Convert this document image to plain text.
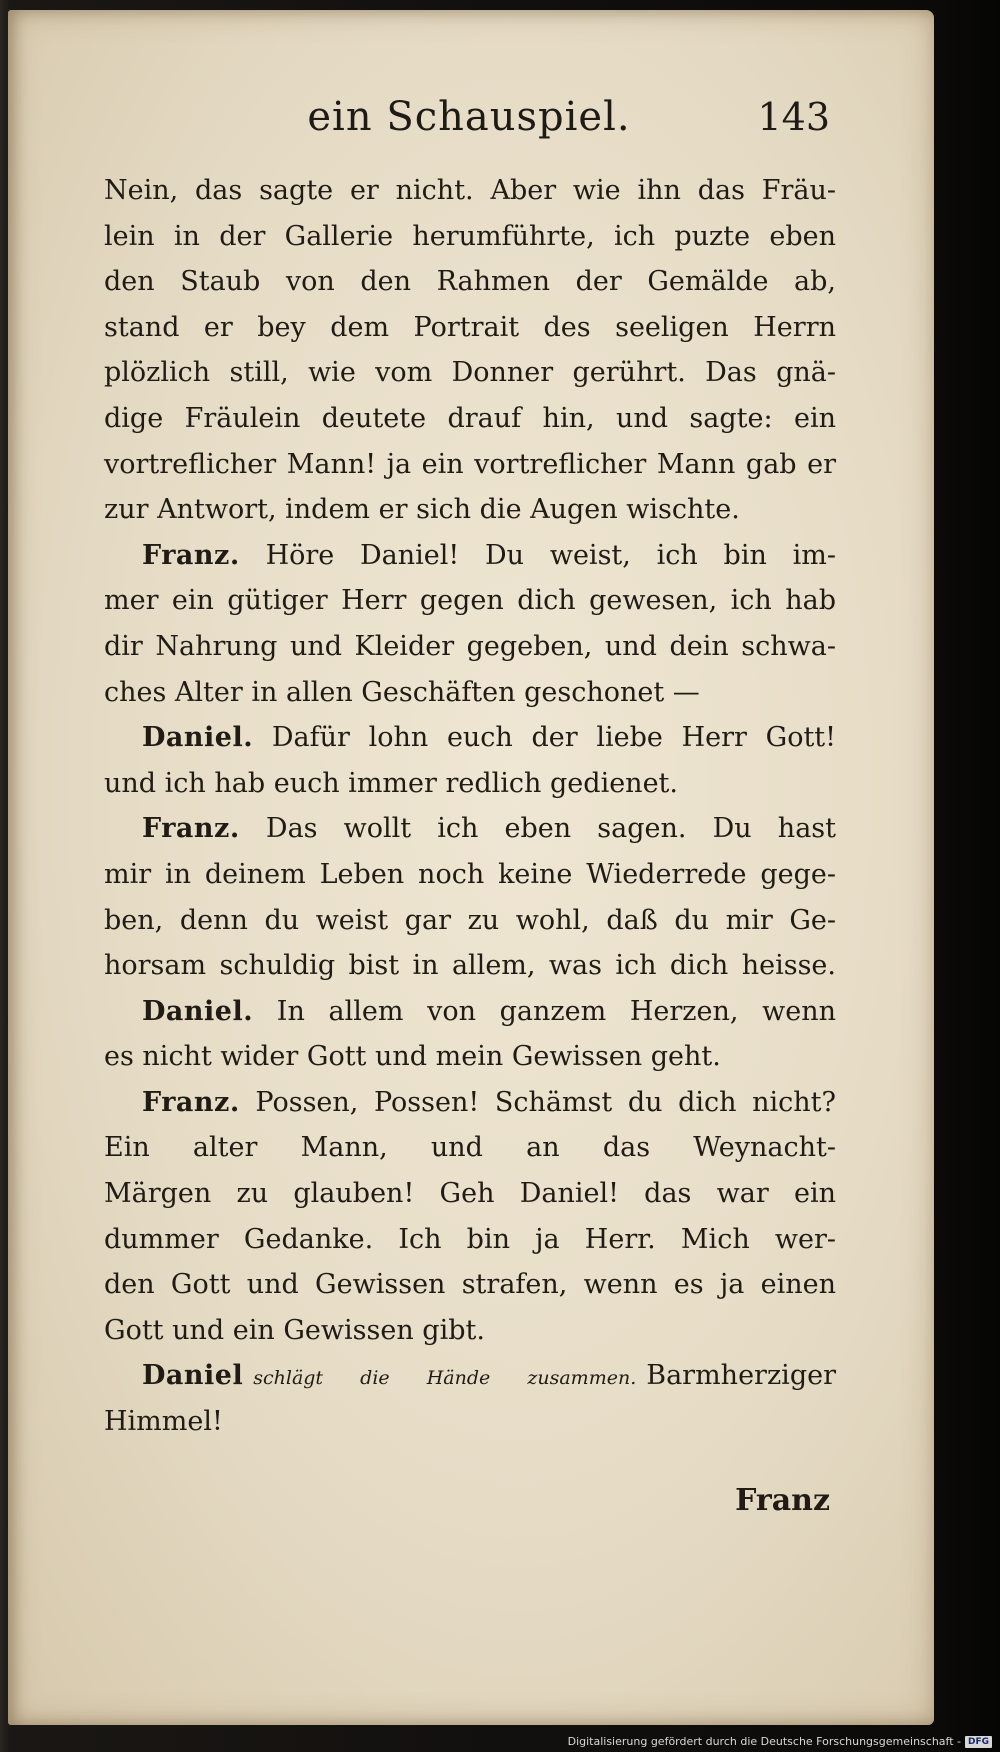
ein Schauspiel.	143
Nein, das sagte er nicht. Aber wie ihn das Fräu-
lein in der Gallerie herumführte, ich puzte eben
den Staub von den Rahmen der Gemälde ab,
stand er bey dem Portrait des seeligen Herrn
plözlich still, wie vom Donner gerührt. Das gnä-
dige Fräulein deutete drauf hin, und sagte: ein
vortreflicher Mann! ja ein vortreflicher Mann gab er
zur Antwort, indem er sich die Augen wischte.
Franz. Höre Daniel! Du weist, ich bin im-
mer ein gütiger Herr gegen dich gewesen, ich hab
dir Nahrung und Kleider gegeben, und dein schwa-
ches Alter in allen Geschäften geschonet —
Daniel. Dafür lohn euch der liebe Herr Gott!
und ich hab euch immer redlich gedienet.
Franz. Das wollt ich eben sagen. Du hast
mir in deinem Leben noch keine Wiederrede gege-
ben, denn du weist gar zu wohl, daß du mir Ge-
horsam schuldig bist in allem, was ich dich heisse.
Daniel. In allem von ganzem Herzen, wenn
es nicht wider Gott und mein Gewissen geht.
Franz. Possen, Possen! Schämst du dich nicht?
Ein alter Mann, und an das Weynacht-
Märgen zu glauben! Geh Daniel! das war ein
dummer Gedanke. Ich bin ja Herr. Mich wer-
den Gott und Gewissen strafen, wenn es ja einen
Gott und ein Gewissen gibt.
Daniel schlägt die Hände zusammen. Barmherziger
Himmel!
Franz
Digitalisierung gefördert durch die Deutsche Forschungsgemeinschaft - DFG
